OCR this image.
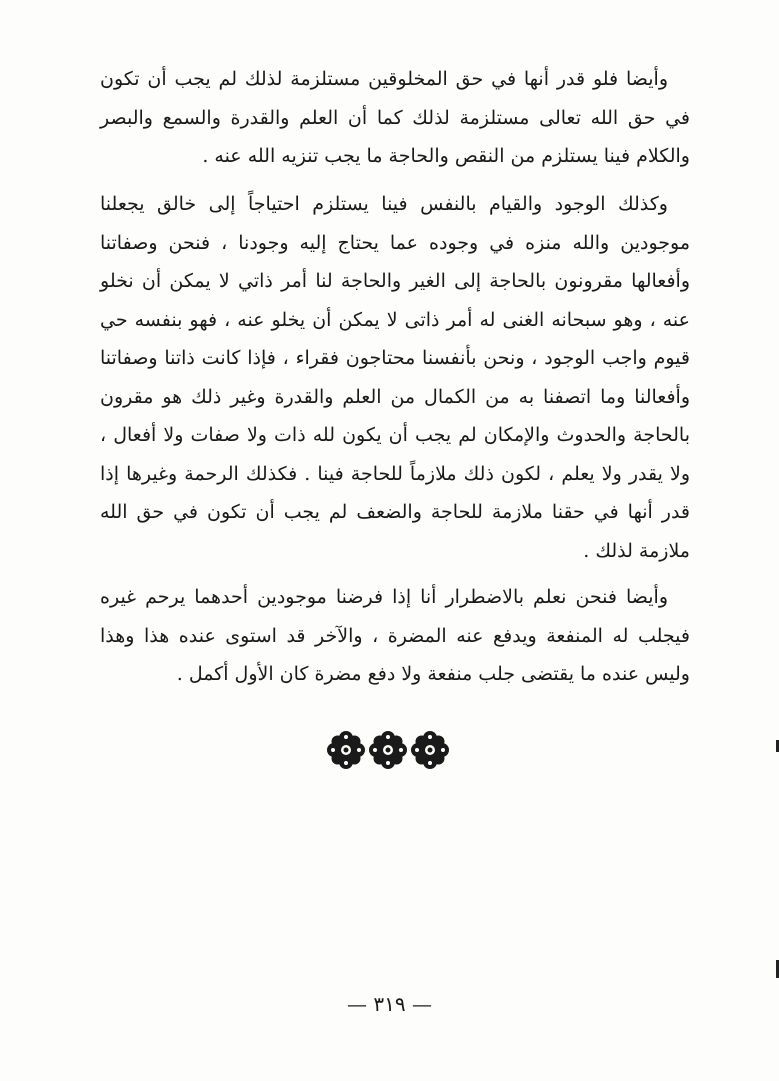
وأيضا فلو قدر أنها في حق المخلوقين مستلزمة لذلك لم يجب أن تكون في حق الله تعالى مستلزمة لذلك كما أن العلم والقدرة والسمع والبصر والكلام فينا يستلزم من النقص والحاجة ما يجب تنزيه الله عنه .

وكذلك الوجود والقيام بالنفس فينا يستلزم احتياجاً إلى خالق يجعلنا موجودين والله منزه في وجوده عما يحتاج إليه وجودنا ، فنحن وصفاتنا وأفعالها مقرونون بالحاجة إلى الغير والحاجة لنا أمر ذاتي لا يمكن أن نخلو عنه ، وهو سبحانه الغنى له أمر ذاتى لا يمكن أن يخلو عنه ، فهو بنفسه حي قيوم واجب الوجود ، ونحن بأنفسنا محتاجون فقراء ، فإذا كانت ذاتنا وصفاتنا وأفعالنا وما اتصفنا به من الكمال من العلم والقدرة وغير ذلك هو مقرون بالحاجة والحدوث والإمكان لم يجب أن يكون لله ذات ولا صفات ولا أفعال ، ولا يقدر ولا يعلم ، لكون ذلك ملازماً للحاجة فينا . فكذلك الرحمة وغيرها إذا قدر أنها في حقنا ملازمة للحاجة والضعف لم يجب أن تكون في حق الله ملازمة لذلك .

وأيضا فنحن نعلم بالاضطرار أنا إذا فرضنا موجودين أحدهما يرحم غيره فيجلب له المنفعة ويدفع عنه المضرة ، والآخر قد استوى عنده هذا وهذا وليس عنده ما يقتضى جلب منفعة ولا دفع مضرة كان الأول أكمل .

— ٣١٩ —
